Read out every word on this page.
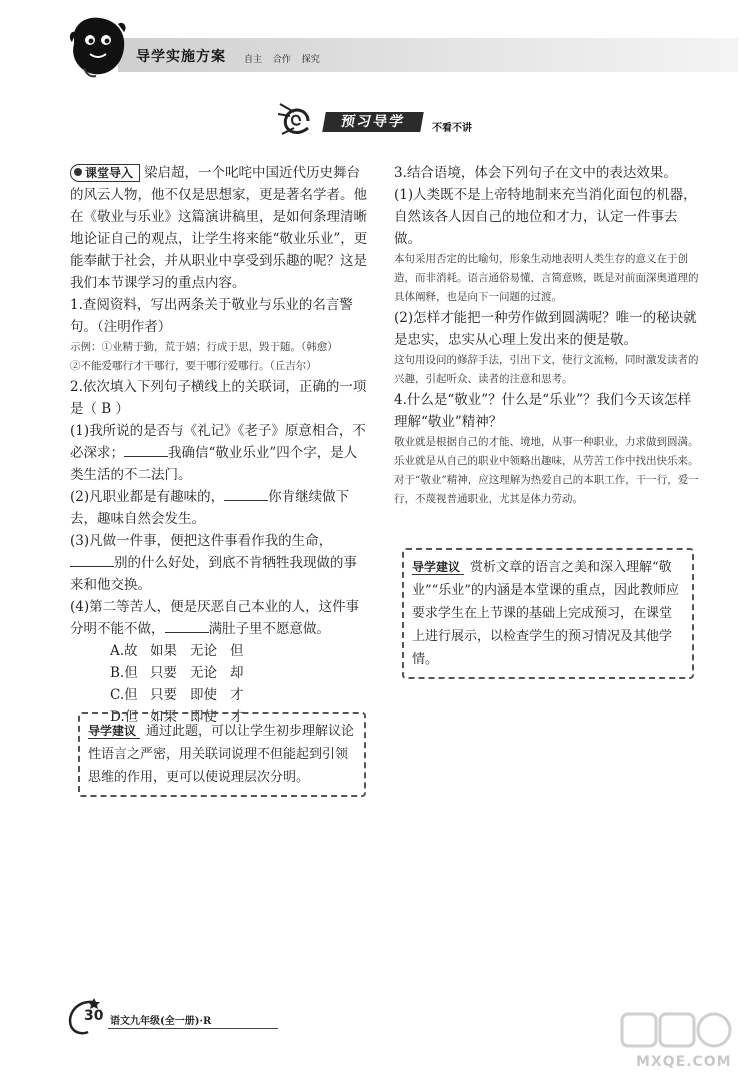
导学实施方案 自主 合作 探究
预习导学	不看不讲

课堂导入 梁启超，一个叱咤中国近代历史舞台的风云人物，他不仅是思想家，更是著名学者。他在《敬业与乐业》这篇演讲稿里，是如何条理清晰地论证自己的观点，让学生将来能“敬业乐业”，更能奉献于社会，并从职业中享受到乐趣的呢？这是我们本节课学习的重点内容。

1.查阅资料，写出两条关于敬业与乐业的名言警句。（注明作者）

示例：①业精于勤，荒于嬉；行成于思，毁于随。（韩愈）

②不能爱哪行才干哪行，要干哪行爱哪行。（丘吉尔）

2.依次填入下列句子横线上的关联词，正确的一项是（ B ）

(1)我所说的是否与《礼记》《老子》原意相合，不必深求；	我确信“敬业乐业”四个字，是人类生活的不二法门。

(2)凡职业都是有趣味的，	你肯继续做下去，趣味自然会发生。

(3)凡做一件事，便把这件事看作我的生命，别的什么好处，到底不肯牺牲我现做的事来和他交换。

(4)第二等苦人，便是厌恶自己本业的人，这件事分明不能不做，	满肚子里不愿意做。

A.故 如果 无论 但

B.但 只要 无论 却

C.但 只要 即使 才

D.但 如果 即使 才

导学建议 通过此题，可以让学生初步理解议论性语言之严密，用关联词说理不但能起到引领思维的作用，更可以使说理层次分明。

3.结合语境，体会下列句子在文中的表达效果。

(1)人类既不是上帝特地制来充当消化面包的机器，自然该各人因自己的地位和才力，认定一件事去做。

本句采用否定的比喻句，形象生动地表明人类生存的意义在于创造，而非消耗。语言通俗易懂，言简意赅，既是对前面深奥道理的具体阐释，也是向下一问题的过渡。

(2)怎样才能把一种劳作做到圆满呢？唯一的秘诀就是忠实，忠实从心理上发出来的便是敬。

这句用设问的修辞手法，引出下文，使行文流畅，同时激发读者的兴趣，引起听众、读者的注意和思考。

4.什么是“敬业”？什么是“乐业”？我们今天该怎样理解“敬业”精神？

敬业就是根据自己的才能、境地，从事一种职业，力求做到圆满。乐业就是从自己的职业中领略出趣味，从劳苦工作中找出快乐来。对于“敬业”精神，应这理解为热爱自己的本职工作，干一行，爱一行，不蔑视普通职业，尤其是体力劳动。

导学建议 赏析文章的语言之美和深入理解“敬业”“乐业”的内涵是本堂课的重点，因此教师应要求学生在上节课的基础上完成预习，在课堂上进行展示，以检查学生的预习情况及其他学情。
30 语文九年级(全一册)·R
MXQE.COM
